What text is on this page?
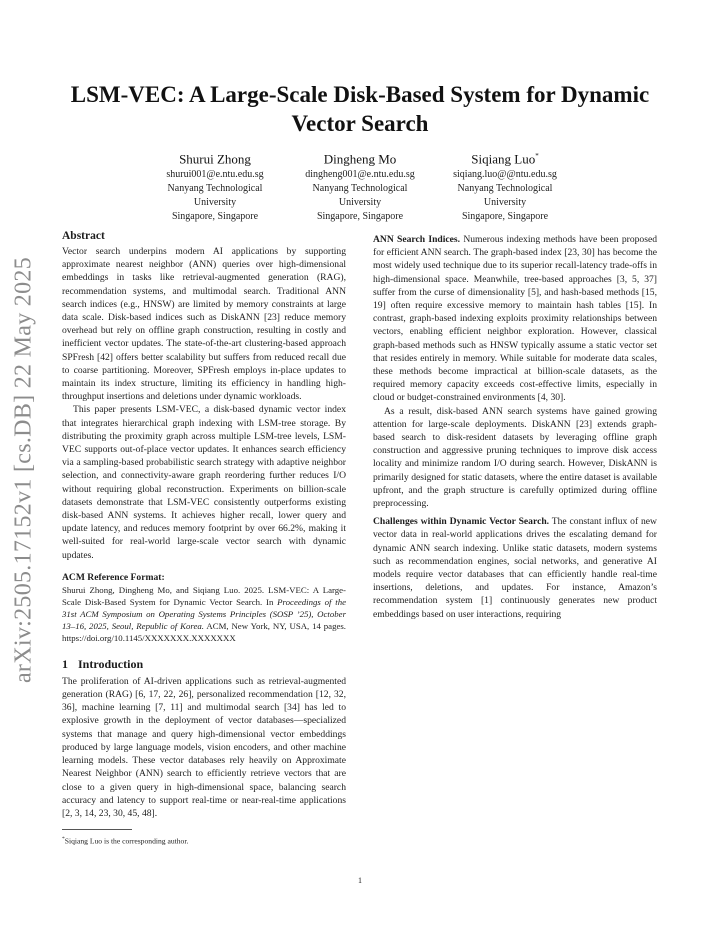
arXiv:2505.17152v1 [cs.DB] 22 May 2025
LSM-VEC: A Large-Scale Disk-Based System for Dynamic Vector Search
Shurui Zhong
shurui001@e.ntu.edu.sg
Nanyang Technological
University
Singapore, Singapore
Dingheng Mo
dingheng001@e.ntu.edu.sg
Nanyang Technological
University
Singapore, Singapore
Siqiang Luo*
siqiang.luo@@ntu.edu.sg
Nanyang Technological
University
Singapore, Singapore
Abstract

Vector search underpins modern AI applications by supporting approximate nearest neighbor (ANN) queries over high-dimensional embeddings in tasks like retrieval-augmented generation (RAG), recommendation systems, and multimodal search. Traditional ANN search indices (e.g., HNSW) are limited by memory constraints at large data scale. Disk-based indices such as DiskANN [23] reduce memory overhead but rely on offline graph construction, resulting in costly and inefficient vector updates. The state-of-the-art clustering-based approach SPFresh [42] offers better scalability but suffers from reduced recall due to coarse partitioning. Moreover, SPFresh employs in-place updates to maintain its index structure, limiting its efficiency in handling high-throughput insertions and deletions under dynamic workloads.

This paper presents LSM-VEC, a disk-based dynamic vector index that integrates hierarchical graph indexing with LSM-tree storage. By distributing the proximity graph across multiple LSM-tree levels, LSM-VEC supports out-of-place vector updates. It enhances search efficiency via a sampling-based probabilistic search strategy with adaptive neighbor selection, and connectivity-aware graph reordering further reduces I/O without requiring global reconstruction. Experiments on billion-scale datasets demonstrate that LSM-VEC consistently outperforms existing disk-based ANN systems. It achieves higher recall, lower query and update latency, and reduces memory footprint by over 66.2%, making it well-suited for real-world large-scale vector search with dynamic updates.

ACM Reference Format:
Shurui Zhong, Dingheng Mo, and Siqiang Luo. 2025. LSM-VEC: A Large-Scale Disk-Based System for Dynamic Vector Search. In Proceedings of the 31st ACM Symposium on Operating Systems Principles (SOSP ’25), October 13–16, 2025, Seoul, Republic of Korea. ACM, New York, NY, USA, 14 pages. https://doi.org/10.1145/XXXXXXX.XXXXXXX
1 Introduction

The proliferation of AI-driven applications such as retrieval-augmented generation (RAG) [6, 17, 22, 26], personalized recommendation [12, 32, 36], machine learning [7, 11] and multimodal search [34] has led to explosive growth in the deployment of vector databases—specialized systems that manage and query high-dimensional vector embeddings produced by large language models, vision encoders, and other machine learning models. These vector databases rely heavily on Approximate Nearest Neighbor (ANN) search to efficiently retrieve vectors that are close to a given query in high-dimensional space, balancing search accuracy and latency to support real-time or near-real-time applications [2, 3, 14, 23, 30, 45, 48].

ANN Search Indices. Numerous indexing methods have been proposed for efficient ANN search. The graph-based index [23, 30] has become the most widely used technique due to its superior recall-latency trade-offs in high-dimensional space. Meanwhile, tree-based approaches [3, 5, 37] suffer from the curse of dimensionality [5], and hash-based methods [15, 19] often require excessive memory to maintain hash tables [15]. In contrast, graph-based indexing exploits proximity relationships between vectors, enabling efficient neighbor exploration. However, classical graph-based methods such as HNSW typically assume a static vector set that resides entirely in memory. While suitable for moderate data scales, these methods become impractical at billion-scale datasets, as the required memory capacity exceeds cost-effective limits, especially in cloud or budget-constrained environments [4, 30].

As a result, disk-based ANN search systems have gained growing attention for large-scale deployments. DiskANN [23] extends graph-based search to disk-resident datasets by leveraging offline graph construction and aggressive pruning techniques to improve disk access locality and minimize random I/O during search. However, DiskANN is primarily designed for static datasets, where the entire dataset is available upfront, and the graph structure is carefully optimized during offline preprocessing.

Challenges within Dynamic Vector Search. The constant influx of new vector data in real-world applications drives the escalating demand for dynamic ANN search indexing. Unlike static datasets, modern systems such as recommendation engines, social networks, and generative AI models require vector databases that can efficiently handle real-time insertions, deletions, and updates. For instance, Amazon’s recommendation system [1] continuously generates new product embeddings based on user interactions, requiring

*Siqiang Luo is the corresponding author.
1
